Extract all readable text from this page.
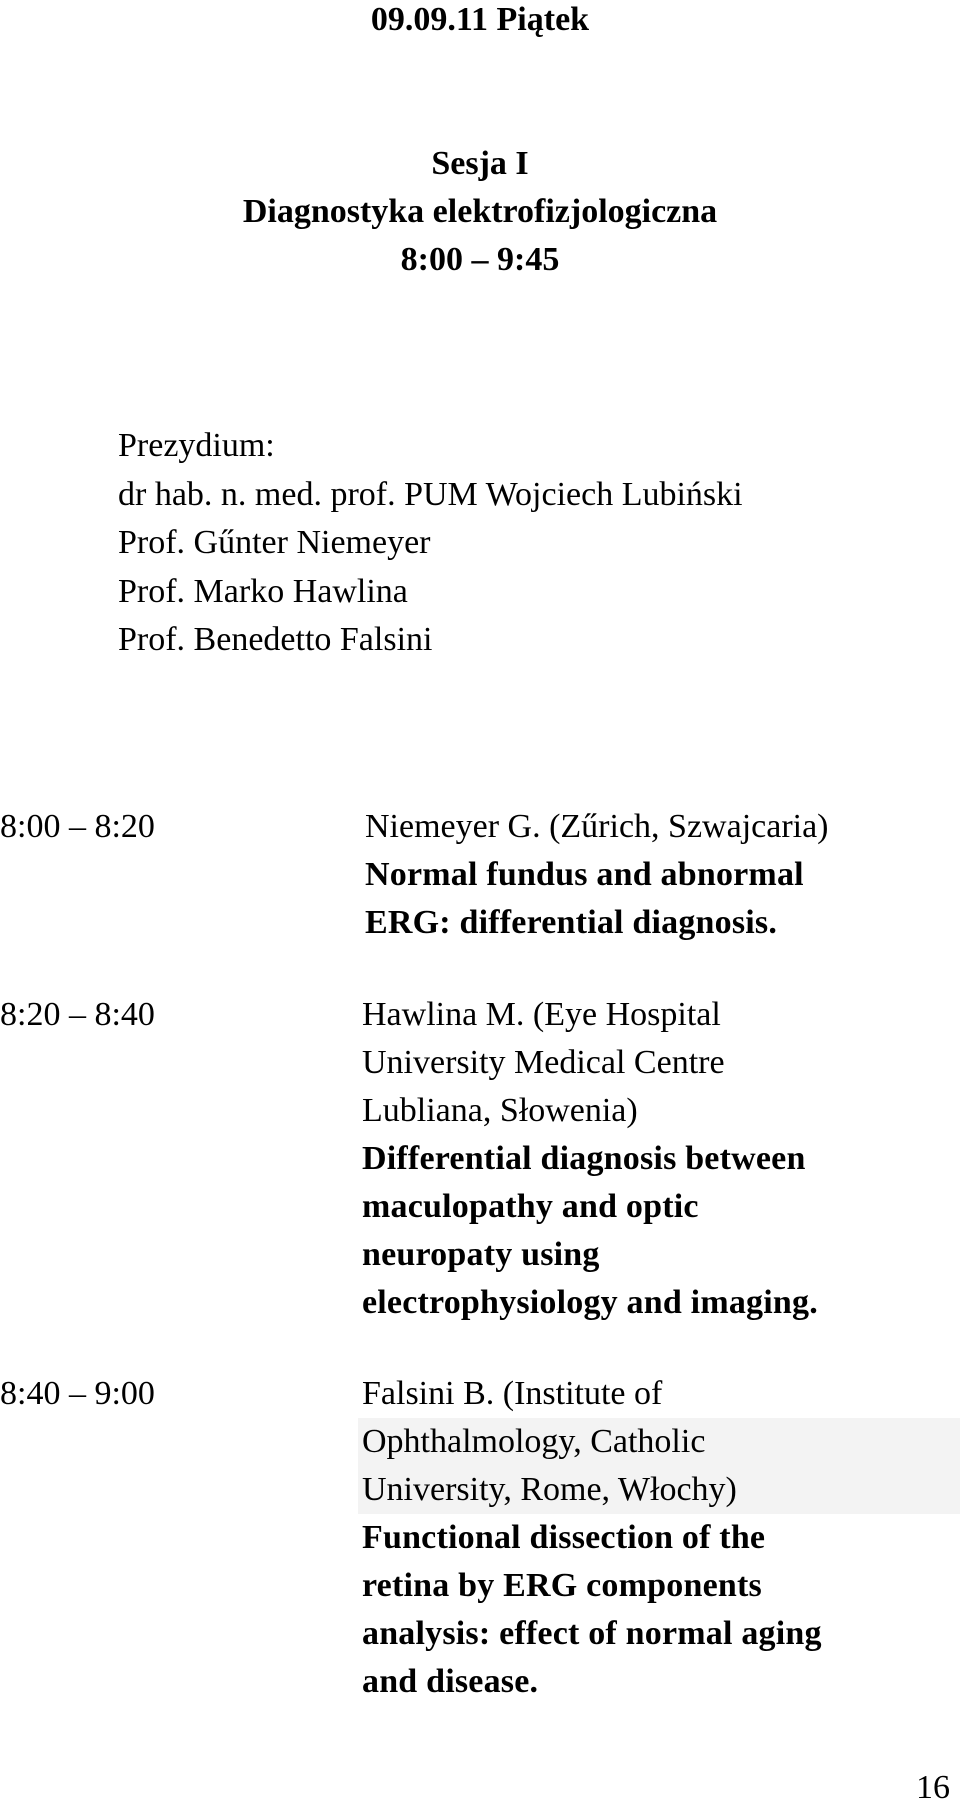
09.09.11 Piątek
Sesja I
Diagnostyka elektrofizjologiczna
8:00 – 9:45
Prezydium:
dr hab. n. med. prof. PUM Wojciech Lubiński
Prof. Gűnter Niemeyer
Prof. Marko Hawlina
Prof. Benedetto Falsini
8:00 – 8:20	Niemeyer G. (Zűrich, Szwajcaria)
Normal fundus and abnormal
ERG: differential diagnosis.
8:20 – 8:40	Hawlina M. (Eye Hospital
University Medical Centre
Lubliana, Słowenia)
Differential diagnosis between
maculopathy and optic
neuropaty using
electrophysiology and imaging.
8:40 – 9:00	Falsini B. (Institute of
Ophthalmology, Catholic
University, Rome, Włochy)
Functional dissection of the
retina by ERG components
analysis: effect of normal aging
and disease.
16
